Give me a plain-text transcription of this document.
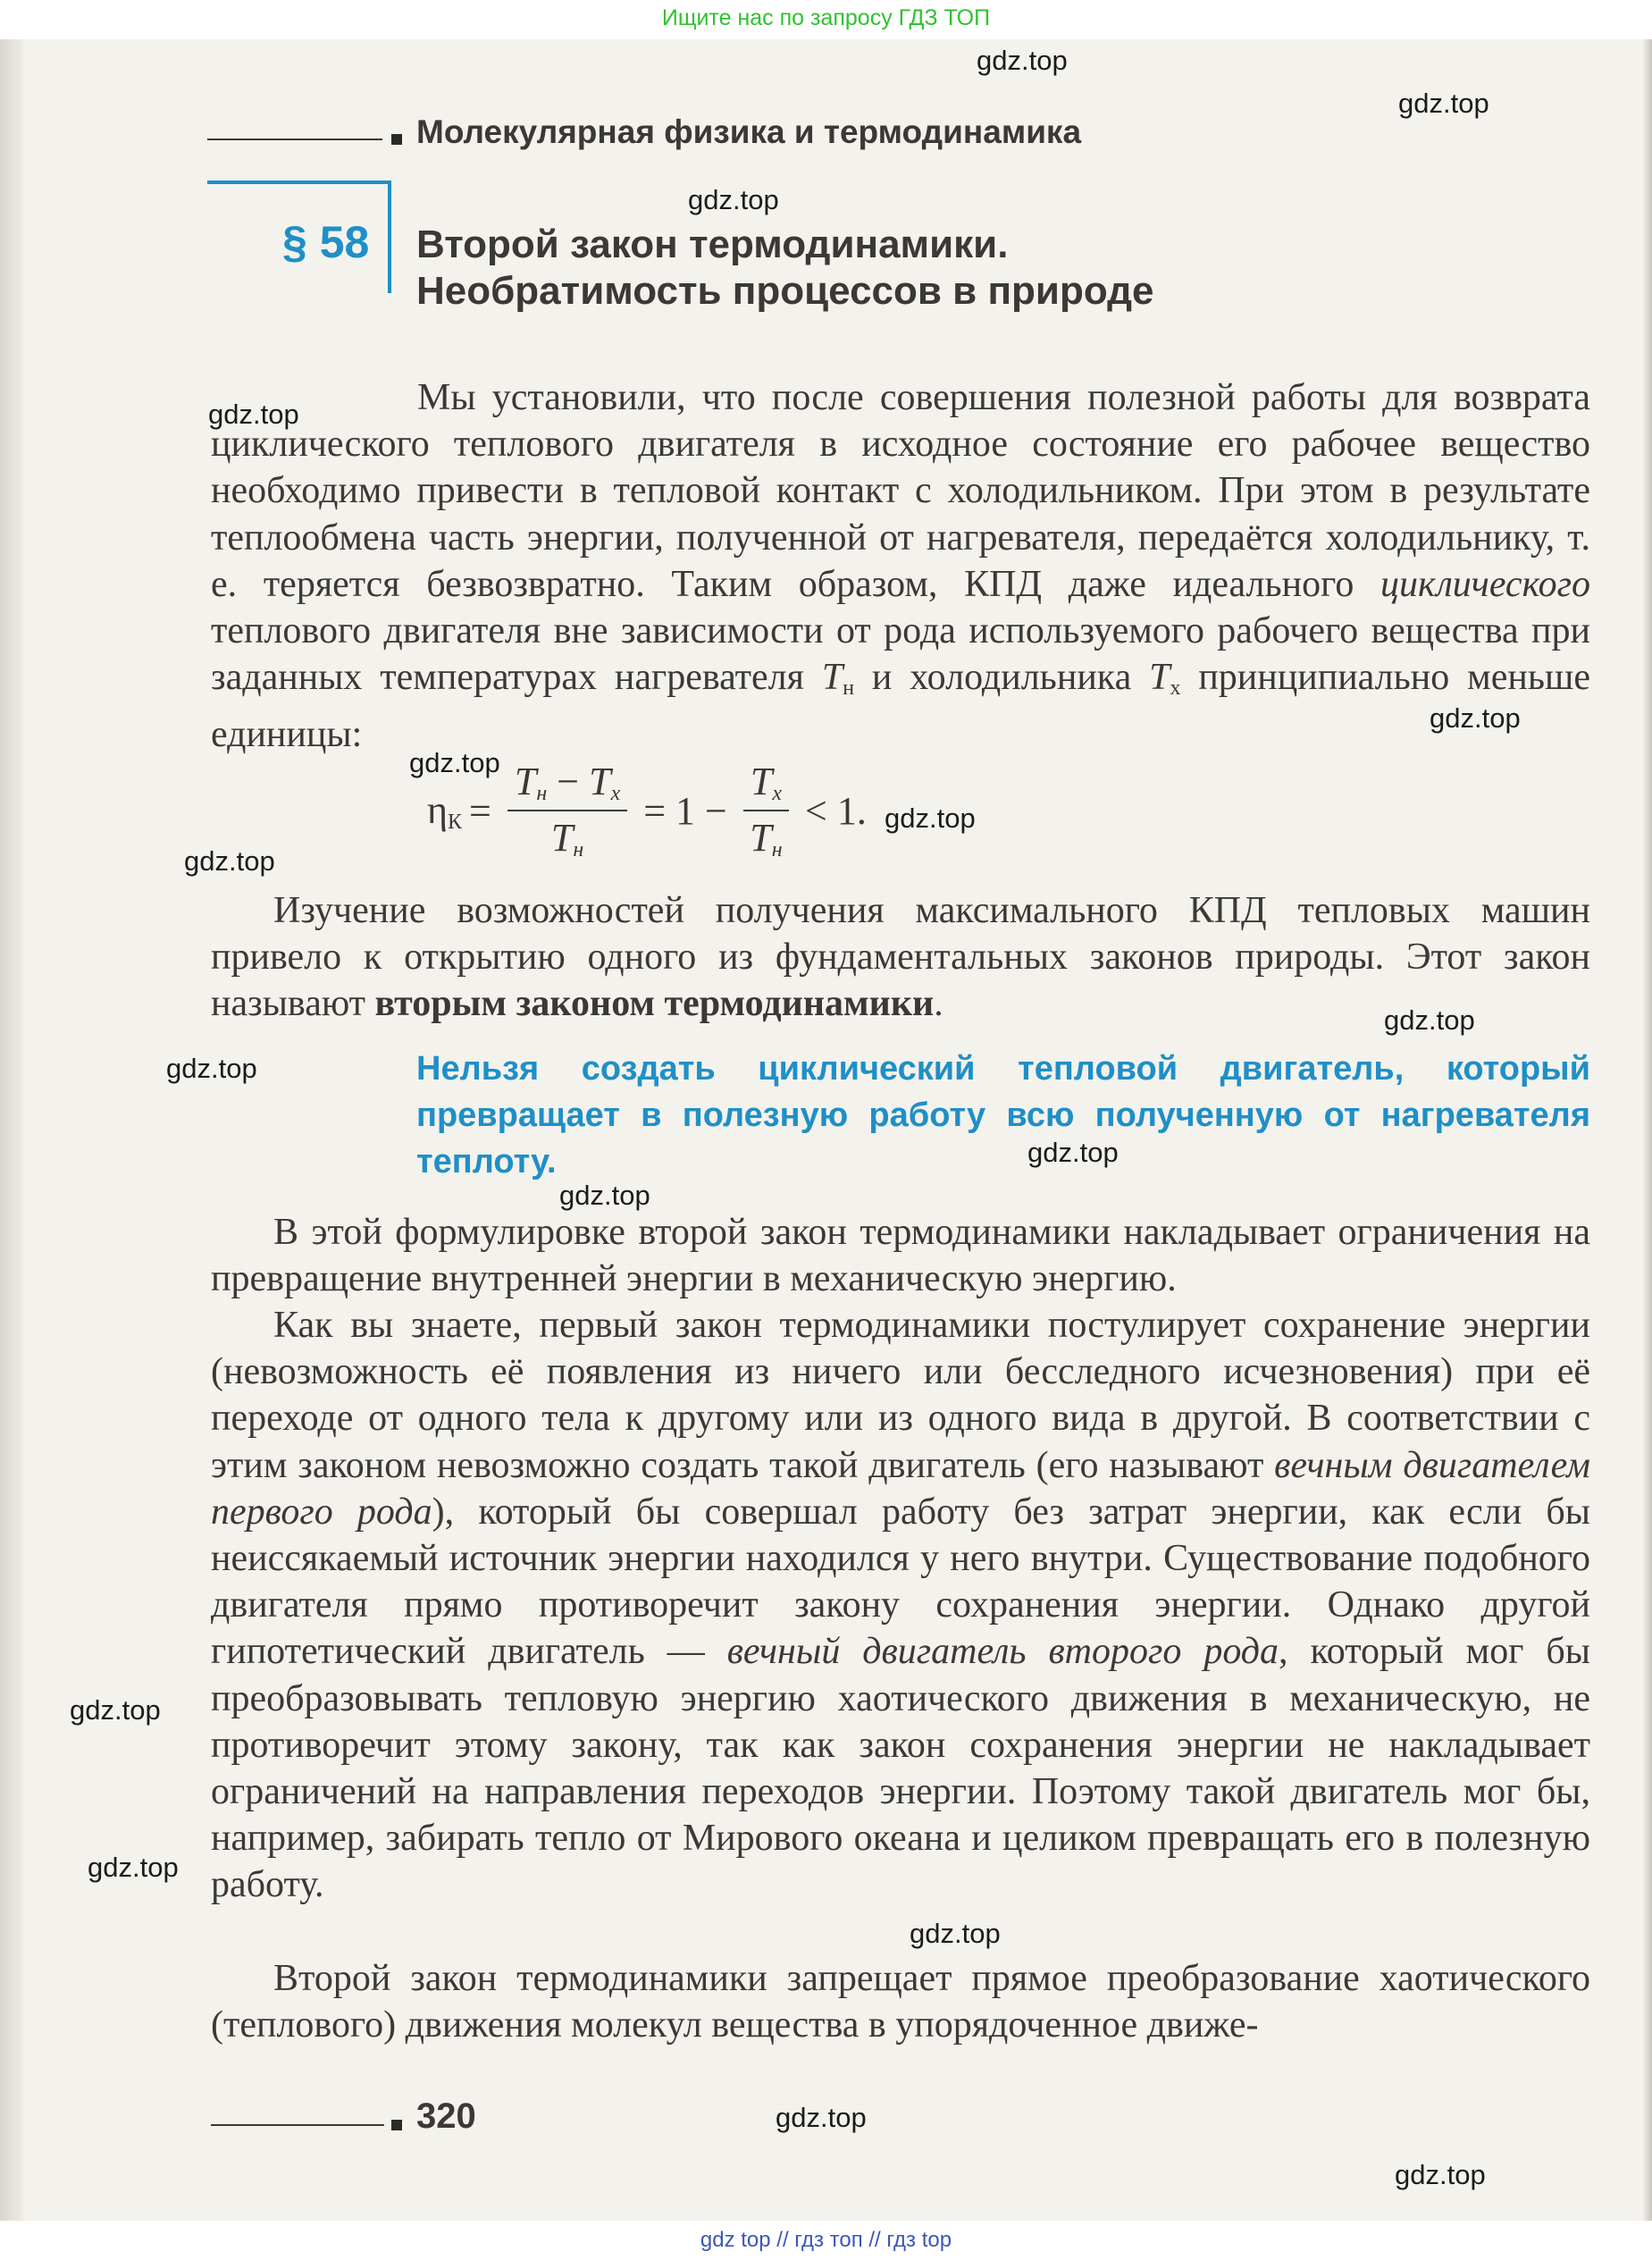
Ищите нас по запросу ГДЗ ТОП
Молекулярная физика и термодинамика
§ 58 Второй закон термодинамики.
Необратимость процессов в природе

Мы установили, что после совершения полезной работы для возврата циклического теплового двигателя в исходное состояние его рабочее вещество необходимо привести в тепловой контакт с холодильником. При этом в результате теплообмена часть энергии, полученной от нагревателя, передаётся холодильнику, т. е. теряется безвозвратно. Таким образом, КПД даже идеального циклического теплового двигателя вне зависимости от рода используемого рабочего вещества при заданных температурах нагревателя $T_н$ и холодильника $T_х$ принципиально меньше единицы:

$\eta_К = \frac{T_н - T_х}{T_н} = 1 - \frac{T_х}{T_н} < 1$.

Изучение возможностей получения максимального КПД тепловых машин привело к открытию одного из фундаментальных законов природы. Этот закон называют вторым законом термодинамики.

Нельзя создать циклический тепловой двигатель, который превращает в полезную работу всю полученную от нагревателя теплоту.

В этой формулировке второй закон термодинамики накладывает ограничения на превращение внутренней энергии в механическую энергию.

Как вы знаете, первый закон термодинамики постулирует сохранение энергии (невозможность её появления из ничего или бесследного исчезновения) при её переходе от одного тела к другому или из одного вида в другой. В соответствии с этим законом невозможно создать такой двигатель (его называют вечным двигателем первого рода), который бы совершал работу без затрат энергии, как если бы неиссякаемый источник энергии находился у него внутри. Существование подобного двигателя прямо противоречит закону сохранения энергии. Однако другой гипотетический двигатель — вечный двигатель второго рода, который мог бы преобразовывать тепловую энергию хаотического движения в механическую, не противоречит этому закону, так как закон сохранения энергии не накладывает ограничений на направления переходов энергии. Поэтому такой двигатель мог бы, например, забирать тепло от Мирового океана и целиком превращать его в полезную работу.

Второй закон термодинамики запрещает прямое преобразование хаотического (теплового) движения молекул вещества в упорядоченное движе-

320
gdz.top
gdz.top
gdz.top
gdz.top
gdz.top
gdz.top
gdz.top
gdz.top
gdz.top
gdz.top
gdz.top
gdz.top
gdz.top
gdz.top
gdz.top
gdz.top
gdz.top
gdz top // гдз топ // гдз top
